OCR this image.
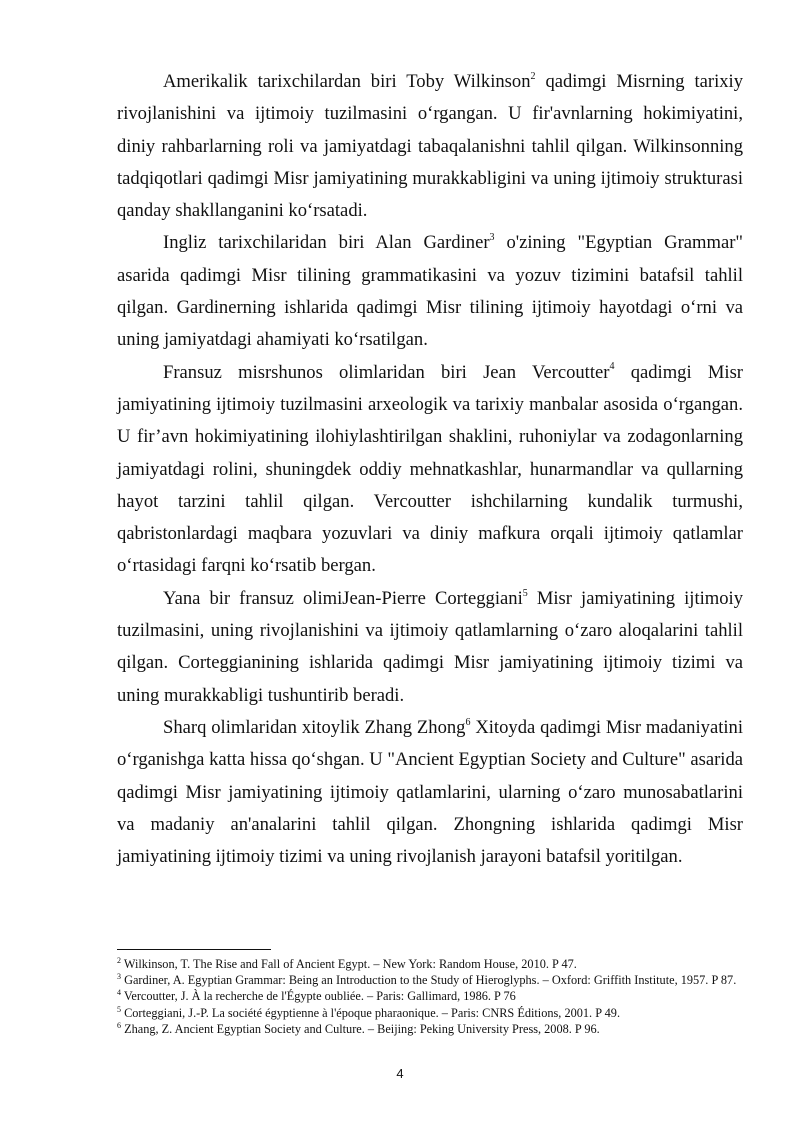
Amerikalik tarixchilardan biri Toby Wilkinson$^2$ qadimgi Misrning tarixiy rivojlanishini va ijtimoiy tuzilmasini o‘rgangan. U fir'avnlarning hokimiyatini, diniy rahbarlarning roli va jamiyatdagi tabaqalanishni tahlil qilgan. Wilkinsonning tadqiqotlari qadimgi Misr jamiyatining murakkabligini va uning ijtimoiy strukturasi qanday shakllanganini ko‘rsatadi.

Ingliz tarixchilaridan biri Alan Gardiner$^3$ o'zining "Egyptian Grammar" asarida qadimgi Misr tilining grammatikasini va yozuv tizimini batafsil tahlil qilgan. Gardinerning ishlarida qadimgi Misr tilining ijtimoiy hayotdagi o‘rni va uning jamiyatdagi ahamiyati ko‘rsatilgan.

Fransuz misrshunos olimlaridan biri Jean Vercoutter$^4$ qadimgi Misr jamiyatining ijtimoiy tuzilmasini arxeologik va tarixiy manbalar asosida o‘rgangan. U fir’avn hokimiyatining ilohiylashtirilgan shaklini, ruhoniylar va zodagonlarning jamiyatdagi rolini, shuningdek oddiy mehnatkashlar, hunarmandlar va qullarning hayot tarzini tahlil qilgan. Vercoutter ishchilarning kundalik turmushi, qabristonlardagi maqbara yozuvlari va diniy mafkura orqali ijtimoiy qatlamlar o‘rtasidagi farqni ko‘rsatib bergan.

Yana bir fransuz olimiJean-Pierre Corteggiani$^5$ Misr jamiyatining ijtimoiy tuzilmasini, uning rivojlanishini va ijtimoiy qatlamlarning o‘zaro aloqalarini tahlil qilgan. Corteggianining ishlarida qadimgi Misr jamiyatining ijtimoiy tizimi va uning murakkabligi tushuntirib beradi.

Sharq olimlaridan xitoylik Zhang Zhong$^6$ Xitoyda qadimgi Misr madaniyatini o‘rganishga katta hissa qo‘shgan. U "Ancient Egyptian Society and Culture" asarida qadimgi Misr jamiyatining ijtimoiy qatlamlarini, ularning o‘zaro munosabatlarini va madaniy an'analarini tahlil qilgan. Zhongning ishlarida qadimgi Misr jamiyatining ijtimoiy tizimi va uning rivojlanish jarayoni batafsil yoritilgan.

$^2$ Wilkinson, T. The Rise and Fall of Ancient Egypt. – New York: Random House, 2010. P 47.

$^3$ Gardiner, A. Egyptian Grammar: Being an Introduction to the Study of Hieroglyphs. – Oxford: Griffith Institute, 1957. P 87.

$^4$ Vercoutter, J. À la recherche de l'Égypte oubliée. – Paris: Gallimard, 1986. P 76

$^5$ Corteggiani, J.-P. La société égyptienne à l'époque pharaonique. – Paris: CNRS Éditions, 2001. P 49.

$^6$ Zhang, Z. Ancient Egyptian Society and Culture. – Beijing: Peking University Press, 2008. P 96.

4
